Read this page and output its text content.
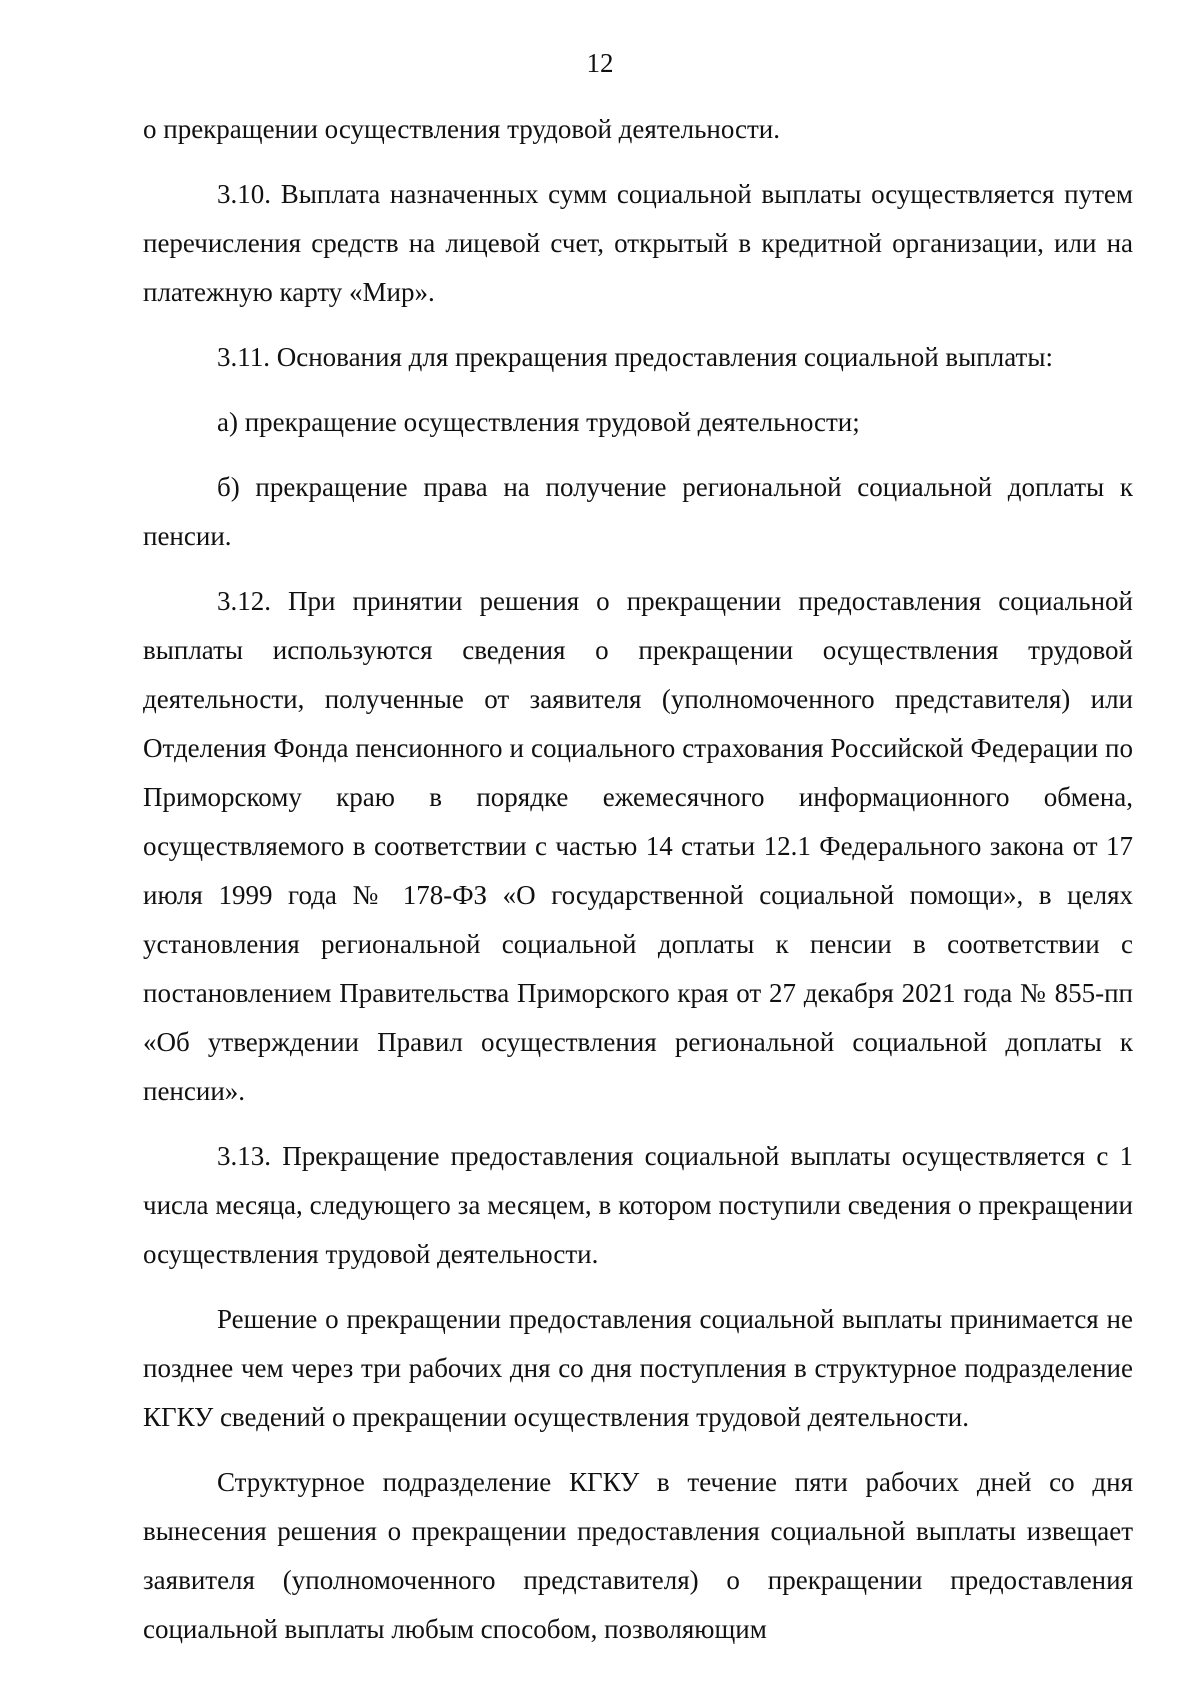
12

о прекращении осуществления трудовой деятельности.

3.10. Выплата назначенных сумм социальной выплаты осуществляется путем перечисления средств на лицевой счет, открытый в кредитной организации, или на платежную карту «Мир».

3.11. Основания для прекращения предоставления социальной выплаты:

а) прекращение осуществления трудовой деятельности;

б) прекращение права на получение региональной социальной доплаты к пенсии.

3.12. При принятии решения о прекращении предоставления социальной выплаты используются сведения о прекращении осуществления трудовой деятельности, полученные от заявителя (уполномоченного представителя) или Отделения Фонда пенсионного и социального страхования Российской Федерации по Приморскому краю в порядке ежемесячного информационного обмена, осуществляемого в соответствии с частью 14 статьи 12.1 Федерального закона от 17 июля 1999 года № 178-ФЗ «О государственной социальной помощи», в целях установления региональной социальной доплаты к пенсии в соответствии с постановлением Правительства Приморского края от 27 декабря 2021 года № 855-пп «Об утверждении Правил осуществления региональной социальной доплаты к пенсии».

3.13. Прекращение предоставления социальной выплаты осуществляется с 1 числа месяца, следующего за месяцем, в котором поступили сведения о прекращении осуществления трудовой деятельности.

Решение о прекращении предоставления социальной выплаты принимается не позднее чем через три рабочих дня со дня поступления в структурное подразделение КГКУ сведений о прекращении осуществления трудовой деятельности.

Структурное подразделение КГКУ в течение пяти рабочих дней со дня вынесения решения о прекращении предоставления социальной выплаты извещает заявителя (уполномоченного представителя) о прекращении предоставления социальной выплаты любым способом, позволяющим
